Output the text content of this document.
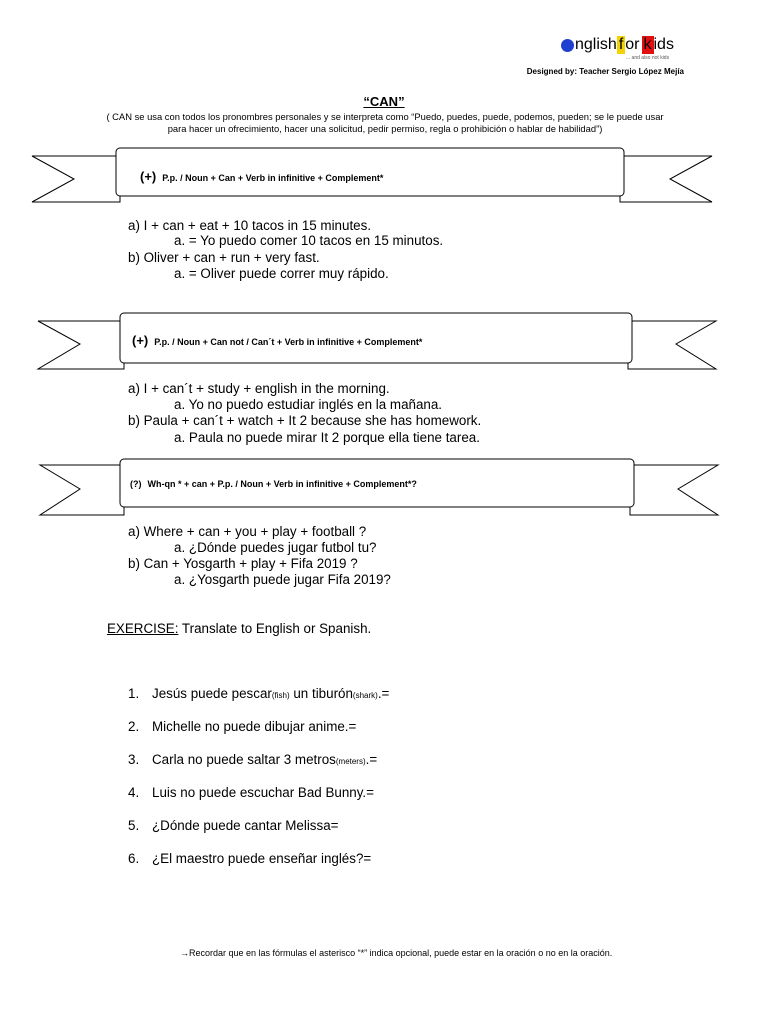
nglish f or k ids
... and also not kids
Designed by: Teacher Sergio López Mejía
“CAN”
( CAN se usa con todos los pronombres personales y se interpreta como “Puedo, puedes, puede, podemos, pueden; se le puede usar para hacer un ofrecimiento, hacer una solicitud, pedir permiso, regla o prohibición o hablar de habilidad”)
(+) P.p. / Noun + Can + Verb in infinitive + Complement*
a) I + can + eat + 10 tacos in 15 minutes.
a. = Yo puedo comer 10 tacos en 15 minutos.
b) Oliver + can + run + very fast.
a. = Oliver puede correr muy rápido.
(+) P.p. / Noun + Can not / Can´t + Verb in infinitive + Complement*
a) I + can´t + study + english in the morning.
a. Yo no puedo estudiar inglés en la mañana.
b) Paula + can´t + watch + It 2 because she has homework.
a. Paula no puede mirar It 2 porque ella tiene tarea.
(?) Wh-qn * + can + P.p. / Noun + Verb in infinitive + Complement*?
a) Where + can + you + play + football ?
a. ¿Dónde puedes jugar futbol tu?
b) Can + Yosgarth + play + Fifa 2019 ?
a. ¿Yosgarth puede jugar Fifa 2019?
EXERCISE: Translate to English or Spanish.
1. Jesús puede pescar(fish) un tiburón(shark).=
2. Michelle no puede dibujar anime.=
3. Carla no puede saltar 3 metros(meters).=
4. Luis no puede escuchar Bad Bunny.=
5. ¿Dónde puede cantar Melissa=
6. ¿El maestro puede enseñar inglés?=
→Recordar que en las fórmulas el asterisco “*” indica opcional, puede estar en la oración o no en la oración.
